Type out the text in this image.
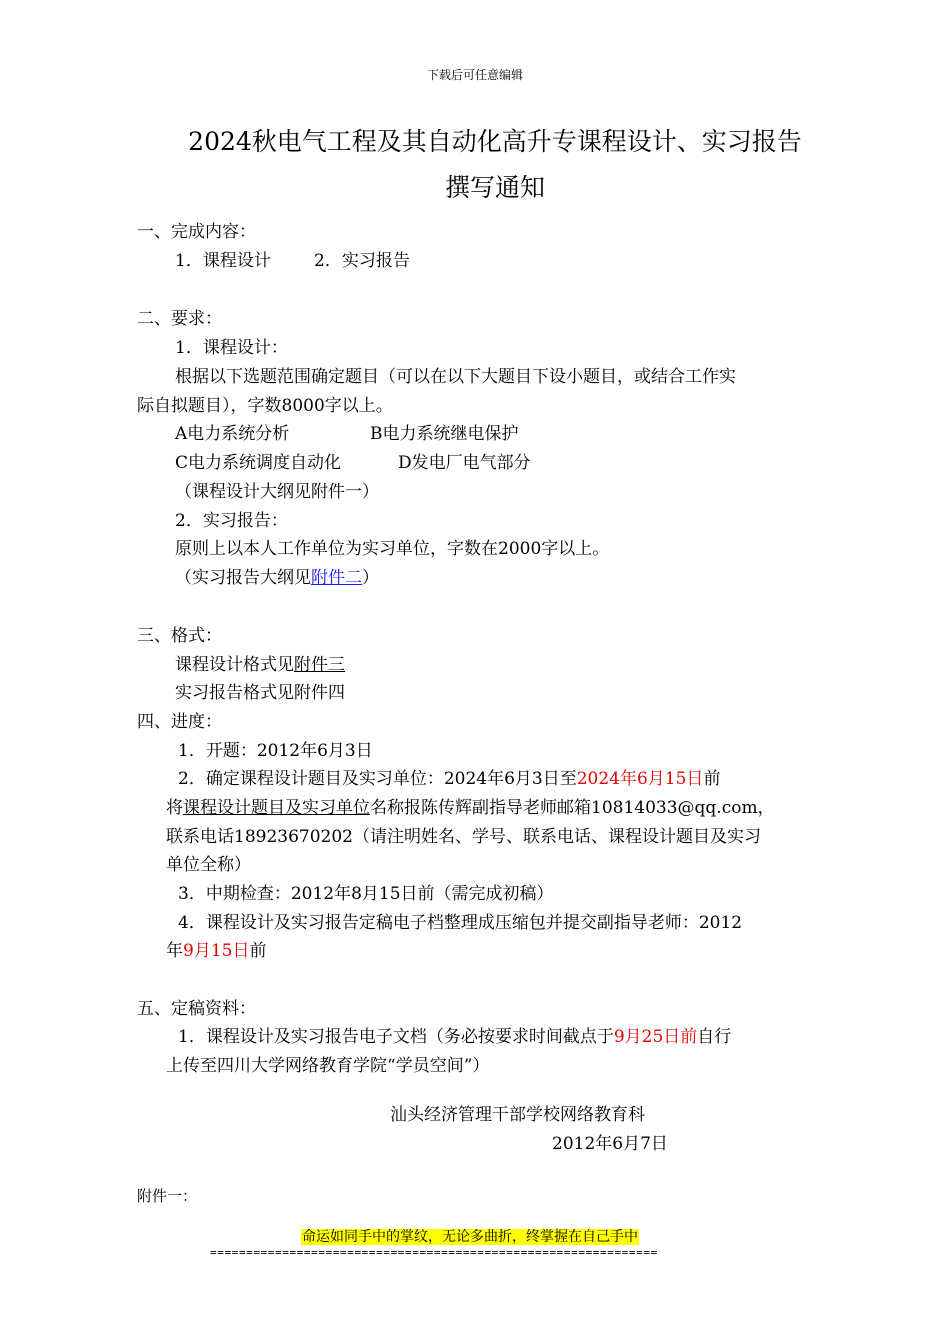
下载后可任意编辑
2024秋电气工程及其自动化高升专课程设计、实习报告
撰写通知
一、完成内容：
1．课程设计	2．实习报告
二、要求：
1．课程设计：
根据以下选题范围确定题目（可以在以下大题目下设小题目，或结合工作实
际自拟题目），字数8000字以上。
A电力系统分析	B电力系统继电保护
C电力系统调度自动化	D发电厂电气部分
（课程设计大纲见附件一）
2．实习报告：
原则上以本人工作单位为实习单位，字数在2000字以上。
（实习报告大纲见附件二）
三、格式：
课程设计格式见附件三
实习报告格式见附件四
四、进度：
1．开题：2012年6月3日
2．确定课程设计题目及实习单位：2024年6月3日至2024年6月15日前
将课程设计题目及实习单位名称报陈传辉副指导老师邮箱10814033@qq.com，
联系电话18923670202（请注明姓名、学号、联系电话、课程设计题目及实习
单位全称）
3．中期检查：2012年8月15日前（需完成初稿）
4．课程设计及实习报告定稿电子档整理成压缩包并提交副指导老师：2012
年9月15日前
五、定稿资料：
1．课程设计及实习报告电子文档（务必按要求时间截点于9月25日前自行
上传至四川大学网络教育学院“学员空间”）
汕头经济管理干部学校网络教育科
2012年6月7日
附件一：
命运如同手中的掌纹，无论多曲折，终掌握在自己手中
==============================================================
